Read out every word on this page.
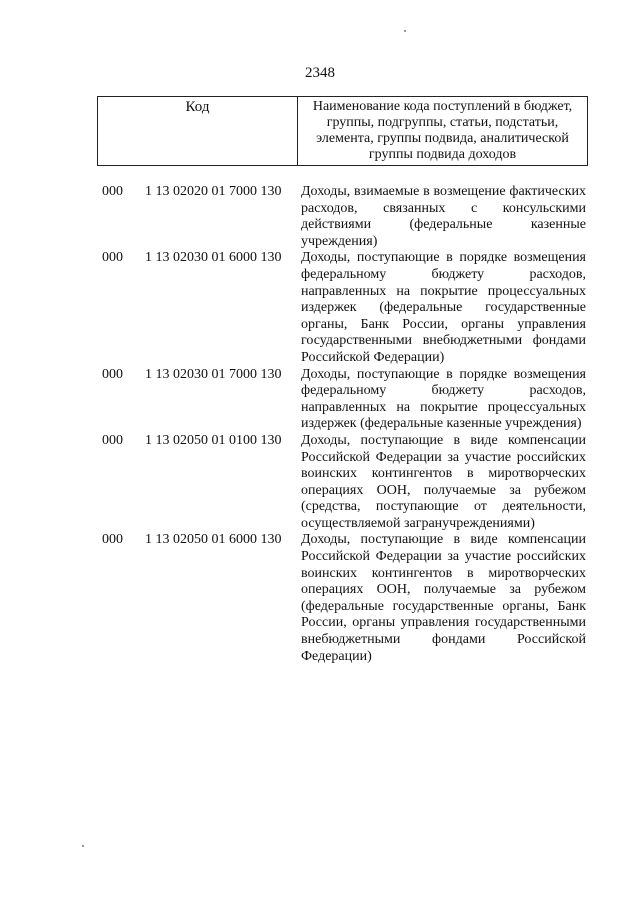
2348
Код	Наименование кода поступлений в бюджет, группы, подгруппы, статьи, подстатьи, элемента, группы подвида, аналитической группы подвида доходов
000	1 13 02020 01 7000 130	Доходы, взимаемые в возмещение фактических расходов, связанных с консульскими действиями (федеральные казенные учреждения)
000	1 13 02030 01 6000 130	Доходы, поступающие в порядке возмещения федеральному бюджету расходов, направленных на покрытие процессуальных издержек (федеральные государственные органы, Банк России, органы управления государственными внебюджетными фондами Российской Федерации)
000	1 13 02030 01 7000 130	Доходы, поступающие в порядке возмещения федеральному бюджету расходов, направленных на покрытие процессуальных издержек (федеральные казенные учреждения)
000	1 13 02050 01 0100 130	Доходы, поступающие в виде компенсации Российской Федерации за участие российских воинских контингентов в миротворческих операциях ООН, получаемые за рубежом (средства, поступающие от деятельности, осуществляемой загранучреждениями)
000	1 13 02050 01 6000 130	Доходы, поступающие в виде компенсации Российской Федерации за участие российских воинских контингентов в миротворческих операциях ООН, получаемые за рубежом (федеральные государственные органы, Банк России, органы управления государственными внебюджетными фондами Российской Федерации)
